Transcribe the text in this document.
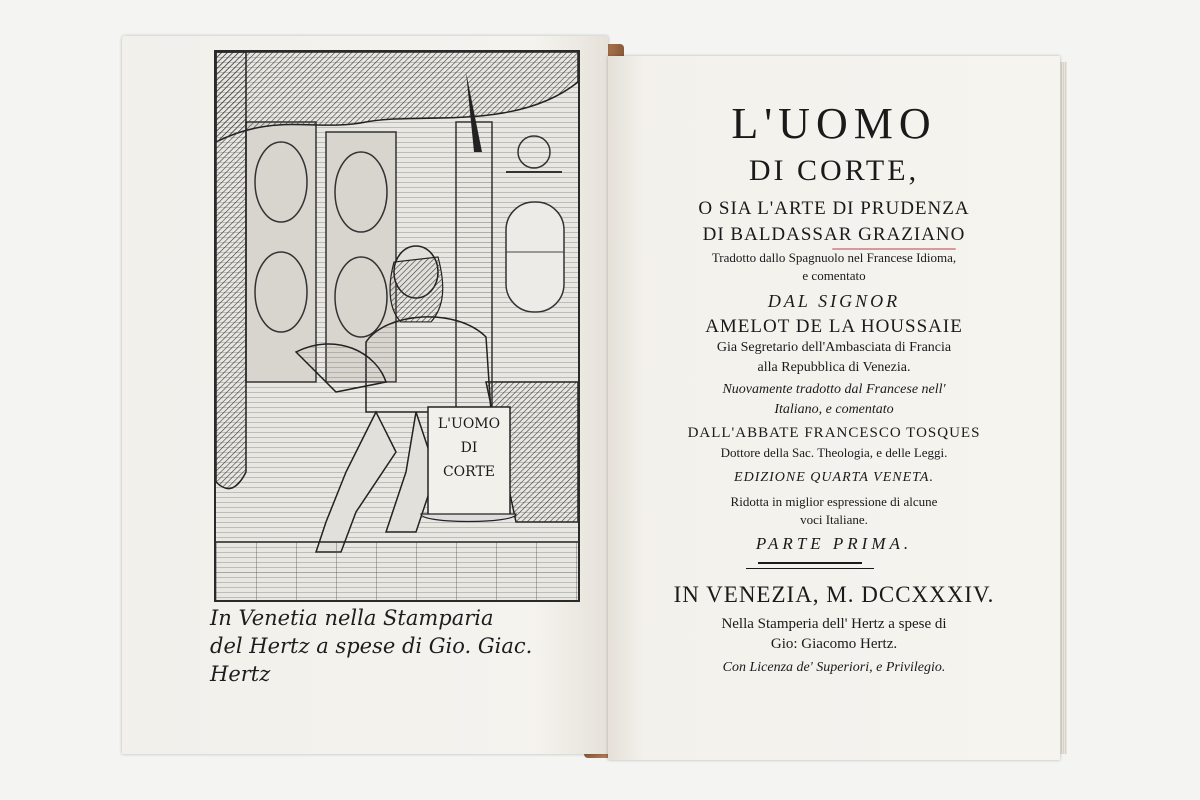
L'UOMO
DI
CORTE
In Venetia nella Stamparia
del Hertz a spese di Gio. Giac. Hertz
L'UOMO
DI CORTE,
O SIA L'ARTE DI PRUDENZA
DI BALDASSAR GRAZIANO
Tradotto dallo Spagnuolo nel Francese Idioma,
e comentato
DAL SIGNOR
AMELOT DE LA HOUSSAIE
Gia Segretario dell'Ambasciata di Francia
alla Repubblica di Venezia.
Nuovamente tradotto dal Francese nell'
Italiano, e comentato
DALL'ABBATE FRANCESCO TOSQUES
Dottore della Sac. Theologia, e delle Leggi.
EDIZIONE QUARTA VENETA.
Ridotta in miglior espressione di alcune
voci Italiane.
PARTE PRIMA.
IN VENEZIA, M. DCCXXXIV.
Nella Stamperia dell' Hertz a spese di
Gio: Giacomo Hertz.
Con Licenza de' Superiori, e Privilegio.
